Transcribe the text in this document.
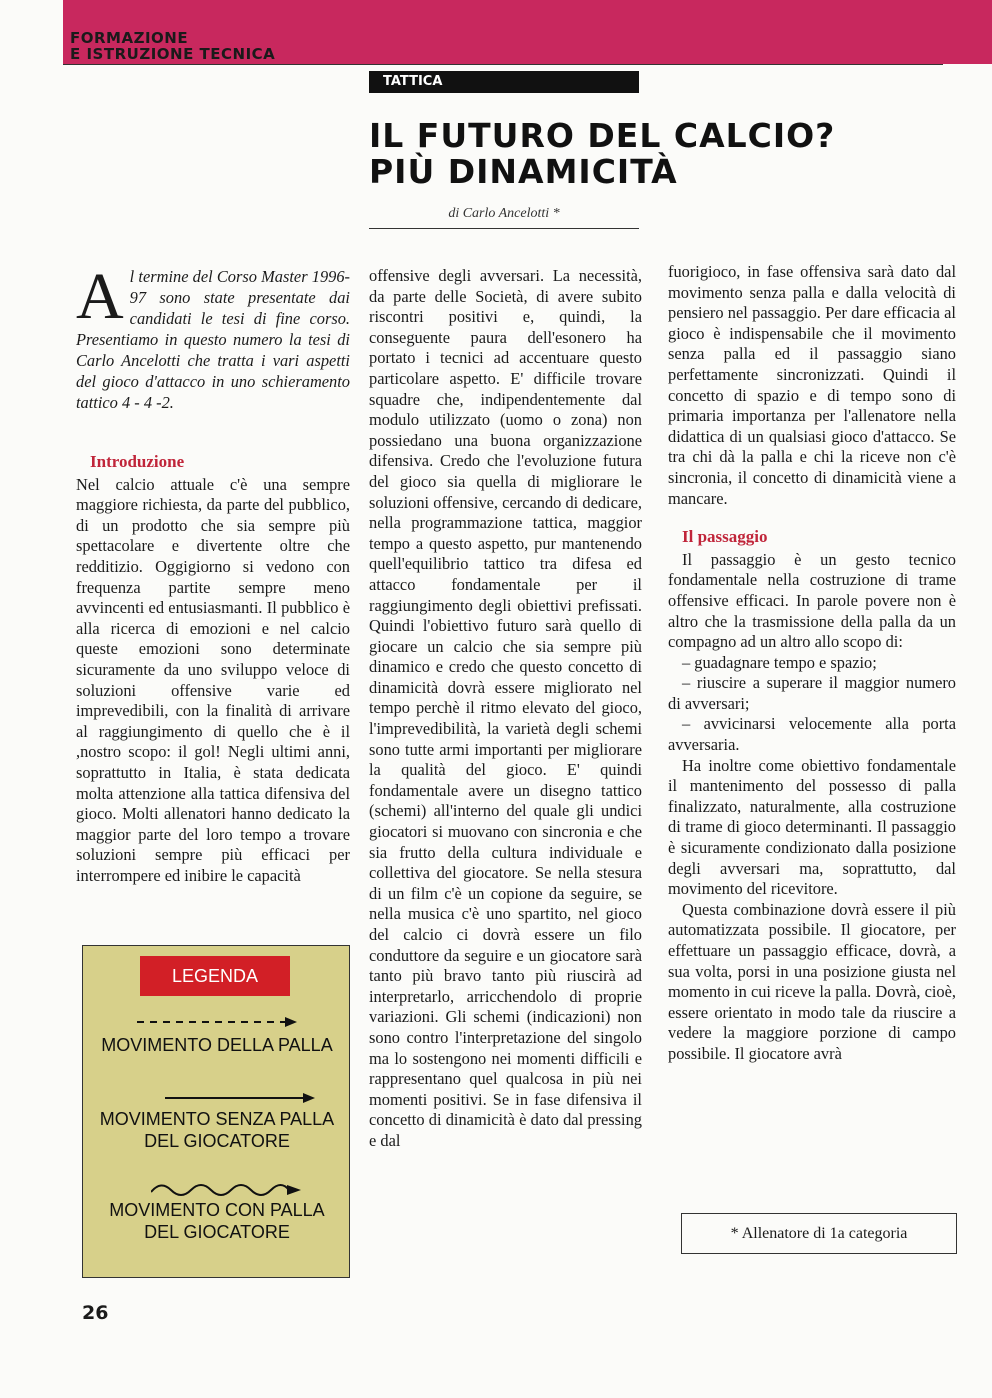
FORMAZIONE
E ISTRUZIONE TECNICA
TATTICA
IL FUTURO DEL CALCIO?
PIÙ DINAMICITÀ
di Carlo Ancelotti *
Al termine del Corso Master 1996-97 sono state presentate dai candidati le tesi di fine corso. Presentiamo in questo numero la tesi di Carlo Ancelotti che tratta i vari aspetti del gioco d'attacco in uno schieramento tattico 4 - 4 -2.
Introduzione

Nel calcio attuale c'è una sempre maggiore richiesta, da parte del pubblico, di un prodotto che sia sempre più spettacolare e divertente oltre che redditizio. Oggigiorno si vedono con frequenza partite sempre meno avvincenti ed entusiasmanti. Il pubblico è alla ricerca di emozioni e nel calcio queste emozioni sono determinate sicuramente da uno sviluppo veloce di soluzioni offensive varie ed imprevedibili, con la finalità di arrivare al raggiungimento di quello che è il ,nostro scopo: il gol! Negli ultimi anni, soprattutto in Italia, è stata dedicata molta attenzione alla tattica difensiva del gioco. Molti allenatori hanno dedicato la maggior parte del loro tempo a trovare soluzioni sempre più efficaci per interrompere ed inibire le capacità

LEGENDA
MOVIMENTO DELLA PALLA
MOVIMENTO SENZA PALLA
DEL GIOCATORE
MOVIMENTO CON PALLA
DEL GIOCATORE

offensive degli avversari. La necessità, da parte delle Società, di avere subito riscontri positivi e, quindi, la conseguente paura dell'esonero ha portato i tecnici ad accentuare questo particolare aspetto. E' difficile trovare squadre che, indipendentemente dal modulo utilizzato (uomo o zona) non possiedano una buona organizzazione difensiva. Credo che l'evoluzione futura del gioco sia quella di migliorare le soluzioni offensive, cercando di dedicare, nella programmazione tattica, maggior tempo a questo aspetto, pur mantenendo quell'equilibrio tattico tra difesa ed attacco fondamentale per il raggiungimento degli obiettivi prefissati. Quindi l'obiettivo futuro sarà quello di giocare un calcio che sia sempre più dinamico e credo che questo concetto di dinamicità dovrà essere migliorato nel tempo perchè il ritmo elevato del gioco, l'imprevedibilità, la varietà degli schemi sono tutte armi importanti per migliorare la qualità del gioco. E' quindi fondamentale avere un disegno tattico (schemi) all'interno del quale gli undici giocatori si muovano con sincronia e che sia frutto della cultura individuale e collettiva del giocatore. Se nella stesura di un film c'è un copione da seguire, se nella musica c'è uno spartito, nel gioco del calcio ci dovrà essere un filo conduttore da seguire e un giocatore sarà tanto più bravo tanto più riuscirà ad interpretarlo, arricchendolo di proprie variazioni. Gli schemi (indicazioni) non sono contro l'interpretazione del singolo ma lo sostengono nei momenti difficili e rappresentano quel qualcosa in più nei momenti positivi. Se in fase difensiva il concetto di dinamicità è dato dal pressing e dal

fuorigioco, in fase offensiva sarà dato dal movimento senza palla e dalla velocità di pensiero nel passaggio. Per dare efficacia al gioco è indispensabile che il movimento senza palla ed il passaggio siano perfettamente sincronizzati. Quindi il concetto di spazio e di tempo sono di primaria importanza per l'allenatore nella didattica di un qualsiasi gioco d'attacco. Se tra chi dà la palla e chi la riceve non c'è sincronia, il concetto di dinamicità viene a mancare.

Il passaggio

Il passaggio è un gesto tecnico fondamentale nella costruzione di trame offensive efficaci. In parole povere non è altro che la trasmissione della palla da un compagno ad un altro allo scopo di:

– guadagnare tempo e spazio;

– riuscire a superare il maggior numero di avversari;

– avvicinarsi velocemente alla porta avversaria.

Ha inoltre come obiettivo fondamentale il mantenimento del possesso di palla finalizzato, naturalmente, alla costruzione di trame di gioco determinanti. Il passaggio è sicuramente condizionato dalla posizione degli avversari ma, soprattutto, dal movimento del ricevitore.

Questa combinazione dovrà essere il più automatizzata possibile. Il giocatore, per effettuare un passaggio efficace, dovrà, a sua volta, porsi in una posizione giusta nel momento in cui riceve la palla. Dovrà, cioè, essere orientato in modo tale da riuscire a vedere la maggiore porzione di campo possibile. Il giocatore avrà

* Allenatore di 1a categoria
26
